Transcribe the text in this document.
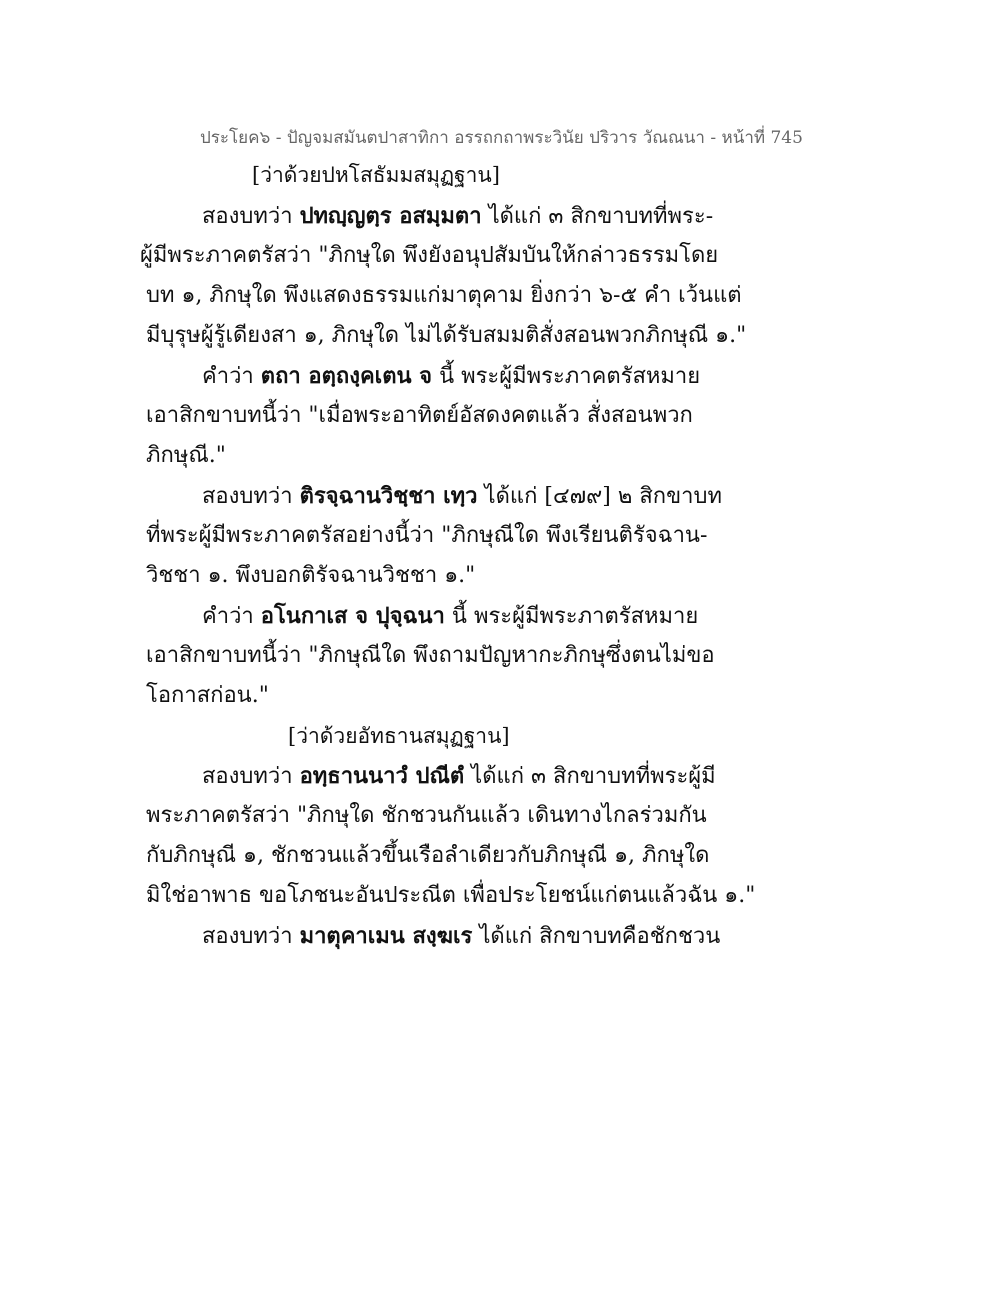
ประโยค๖ - ปัญจมสมันตปาสาทิกา อรรถกถาพระวินัย ปริวาร วัณณนา - หน้าที่ 745
[ว่าด้วยปหโสธัมมสมุฏฐาน]
สองบทว่า ปทญฺญตฺร อสมฺมตา ได้แก่ ๓ สิกขาบทที่พระ-
ผู้มีพระภาคตรัสว่า "ภิกษุใด พึงยังอนุปสัมบันให้กล่าวธรรมโดย
บท ๑, ภิกษุใด พึงแสดงธรรมแก่มาตุคาม ยิ่งกว่า ๖-๕ คำ เว้นแต่
มีบุรุษผู้รู้เดียงสา ๑, ภิกษุใด ไม่ได้รับสมมติสั่งสอนพวกภิกษุณี ๑."
คำว่า ตถา อตฺถงฺคเตน จ นี้ พระผู้มีพระภาคตรัสหมาย
เอาสิกขาบทนี้ว่า "เมื่อพระอาทิตย์อัสดงคตแล้ว สั่งสอนพวก
ภิกษุณี."
สองบทว่า ติรจฺฉานวิชฺชา เทฺว ได้แก่ [๔๗๙] ๒ สิกขาบท
ที่พระผู้มีพระภาคตรัสอย่างนี้ว่า "ภิกษุณีใด พึงเรียนติรัจฉาน-
วิชชา ๑. พึงบอกติรัจฉานวิชชา ๑."
คำว่า อโนกาเส จ ปุจฺฉนา นี้ พระผู้มีพระภาตรัสหมาย
เอาสิกขาบทนี้ว่า "ภิกษุณีใด พึงถามปัญหากะภิกษุซึ่งตนไม่ขอ
โอกาสก่อน."
[ว่าด้วยอัทธานสมุฏฐาน]
สองบทว่า อทฺธานนาวํ ปณีตํ ได้แก่ ๓ สิกขาบทที่พระผู้มี
พระภาคตรัสว่า "ภิกษุใด ชักชวนกันแล้ว เดินทางไกลร่วมกัน
กับภิกษุณี ๑, ชักชวนแล้วขึ้นเรือลำเดียวกับภิกษุณี ๑, ภิกษุใด
มิใช่อาพาธ ขอโภชนะอันประณีต เพื่อประโยชน์แก่ตนแล้วฉัน ๑."
สองบทว่า มาตุคาเมน สงฺฆเร ได้แก่ สิกขาบทคือชักชวน
